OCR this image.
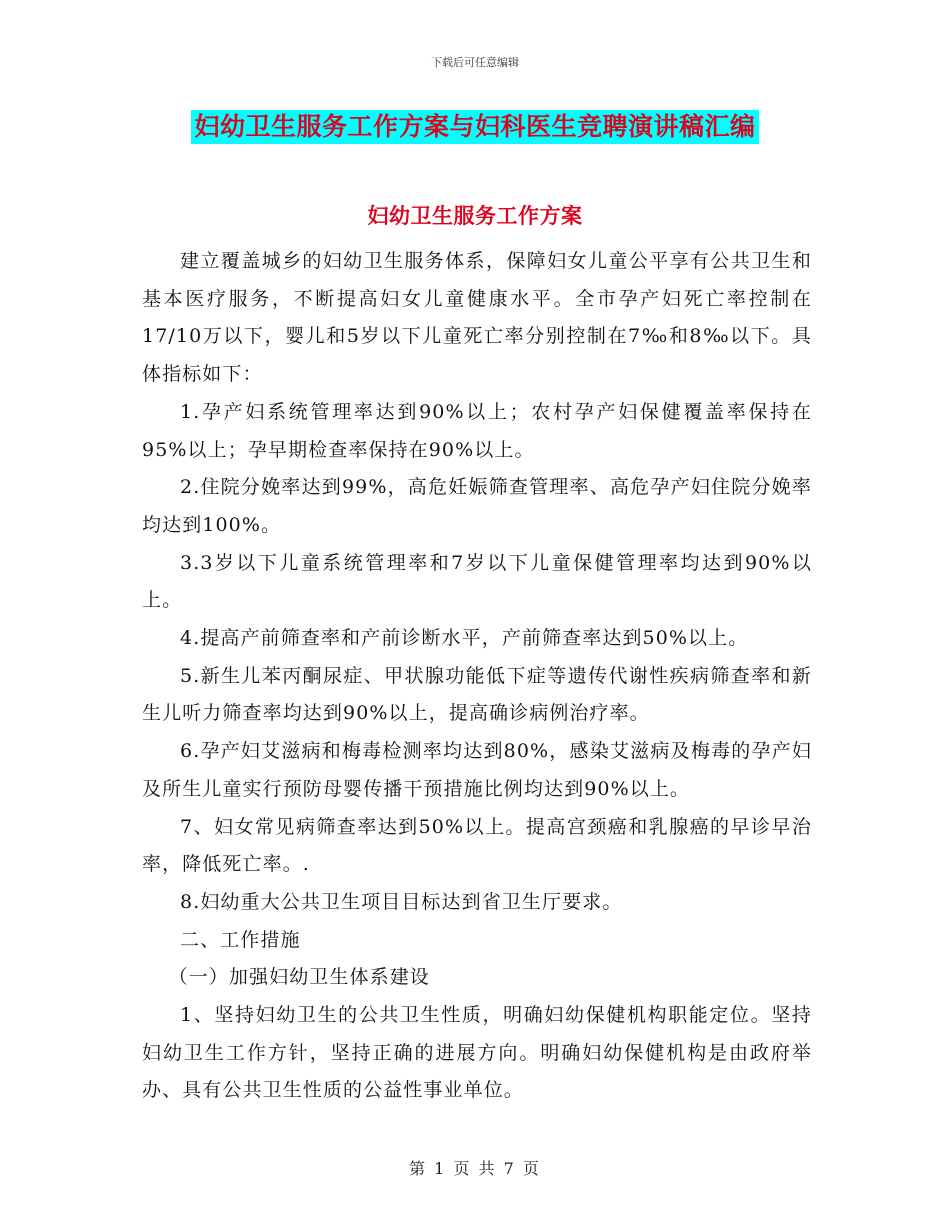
下载后可任意编辑
妇幼卫生服务工作方案与妇科医生竞聘演讲稿汇编
妇幼卫生服务工作方案

建立覆盖城乡的妇幼卫生服务体系，保障妇女儿童公平享有公共卫生和基本医疗服务，不断提高妇女儿童健康水平。全市孕产妇死亡率控制在17/10万以下，婴儿和5岁以下儿童死亡率分别控制在7‰和8‰以下。具体指标如下：

1.孕产妇系统管理率达到90%以上；农村孕产妇保健覆盖率保持在95%以上；孕早期检查率保持在90%以上。

2.住院分娩率达到99%，高危妊娠筛查管理率、高危孕产妇住院分娩率均达到100%。

3.3岁以下儿童系统管理率和7岁以下儿童保健管理率均达到90%以上。

4.提高产前筛查率和产前诊断水平，产前筛查率达到50%以上。

5.新生儿苯丙酮尿症、甲状腺功能低下症等遗传代谢性疾病筛查率和新生儿听力筛查率均达到90%以上，提高确诊病例治疗率。

6.孕产妇艾滋病和梅毒检测率均达到80%，感染艾滋病及梅毒的孕产妇及所生儿童实行预防母婴传播干预措施比例均达到90%以上。

7、妇女常见病筛查率达到50%以上。提高宫颈癌和乳腺癌的早诊早治率，降低死亡率。.

8.妇幼重大公共卫生项目目标达到省卫生厅要求。

二、工作措施

（一）加强妇幼卫生体系建设

1、坚持妇幼卫生的公共卫生性质，明确妇幼保健机构职能定位。坚持妇幼卫生工作方针，坚持正确的进展方向。明确妇幼保健机构是由政府举办、具有公共卫生性质的公益性事业单位。

第 1 页 共 7 页
